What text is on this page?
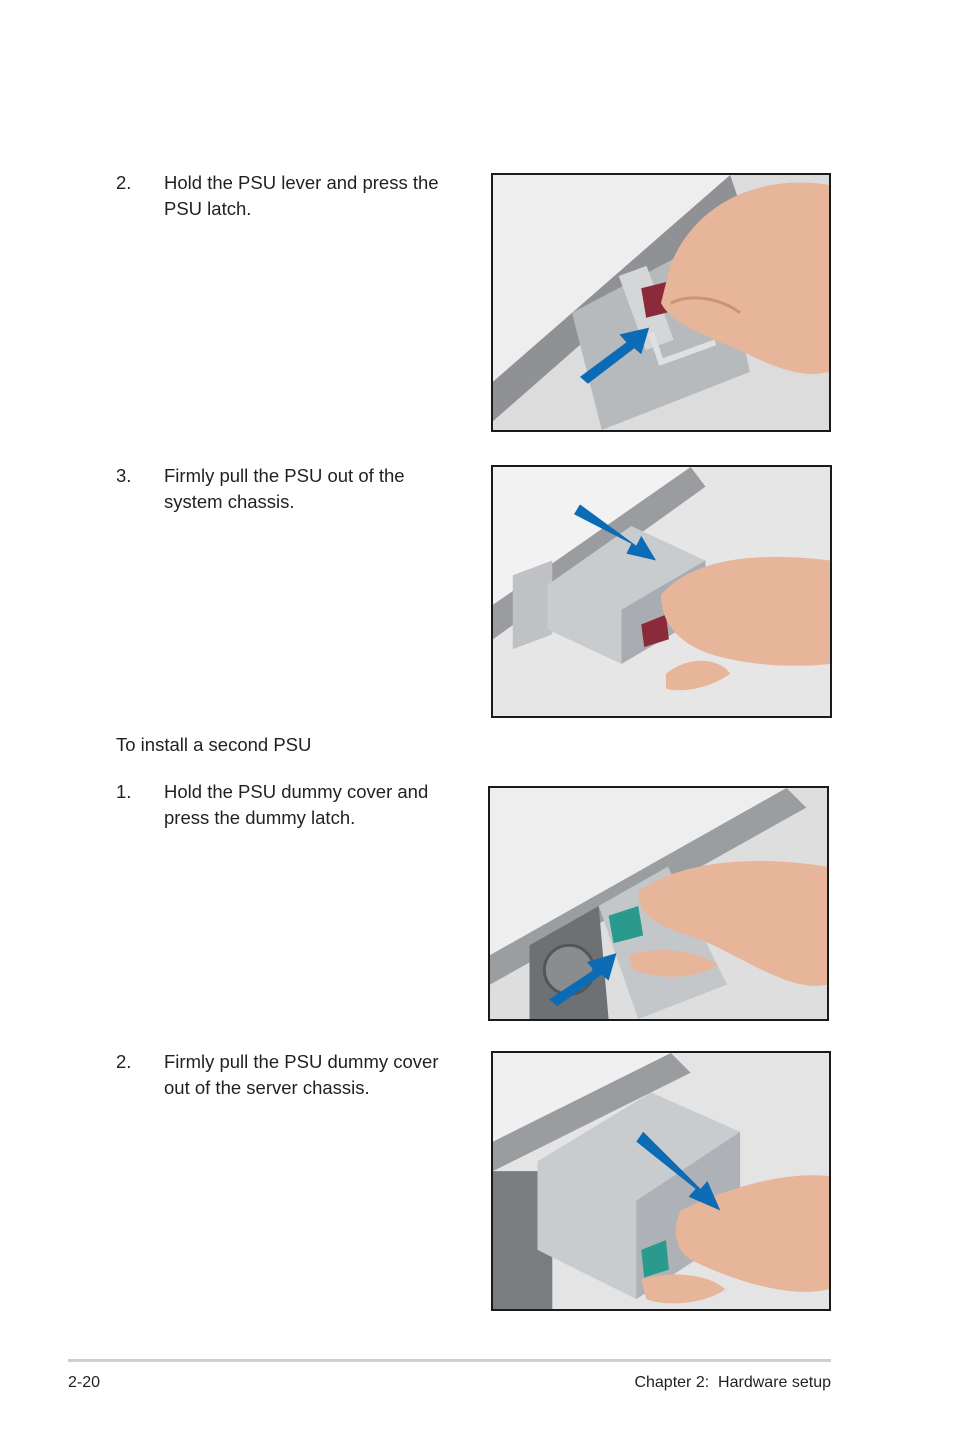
2.	Hold the PSU lever and press the PSU latch.
3.	Firmly pull the PSU out of the system chassis.
To install a second PSU
1.	Hold the PSU dummy cover and press the dummy latch.
2.	Firmly pull the PSU dummy cover out of the server chassis.
2-20	Chapter 2:  Hardware setup
